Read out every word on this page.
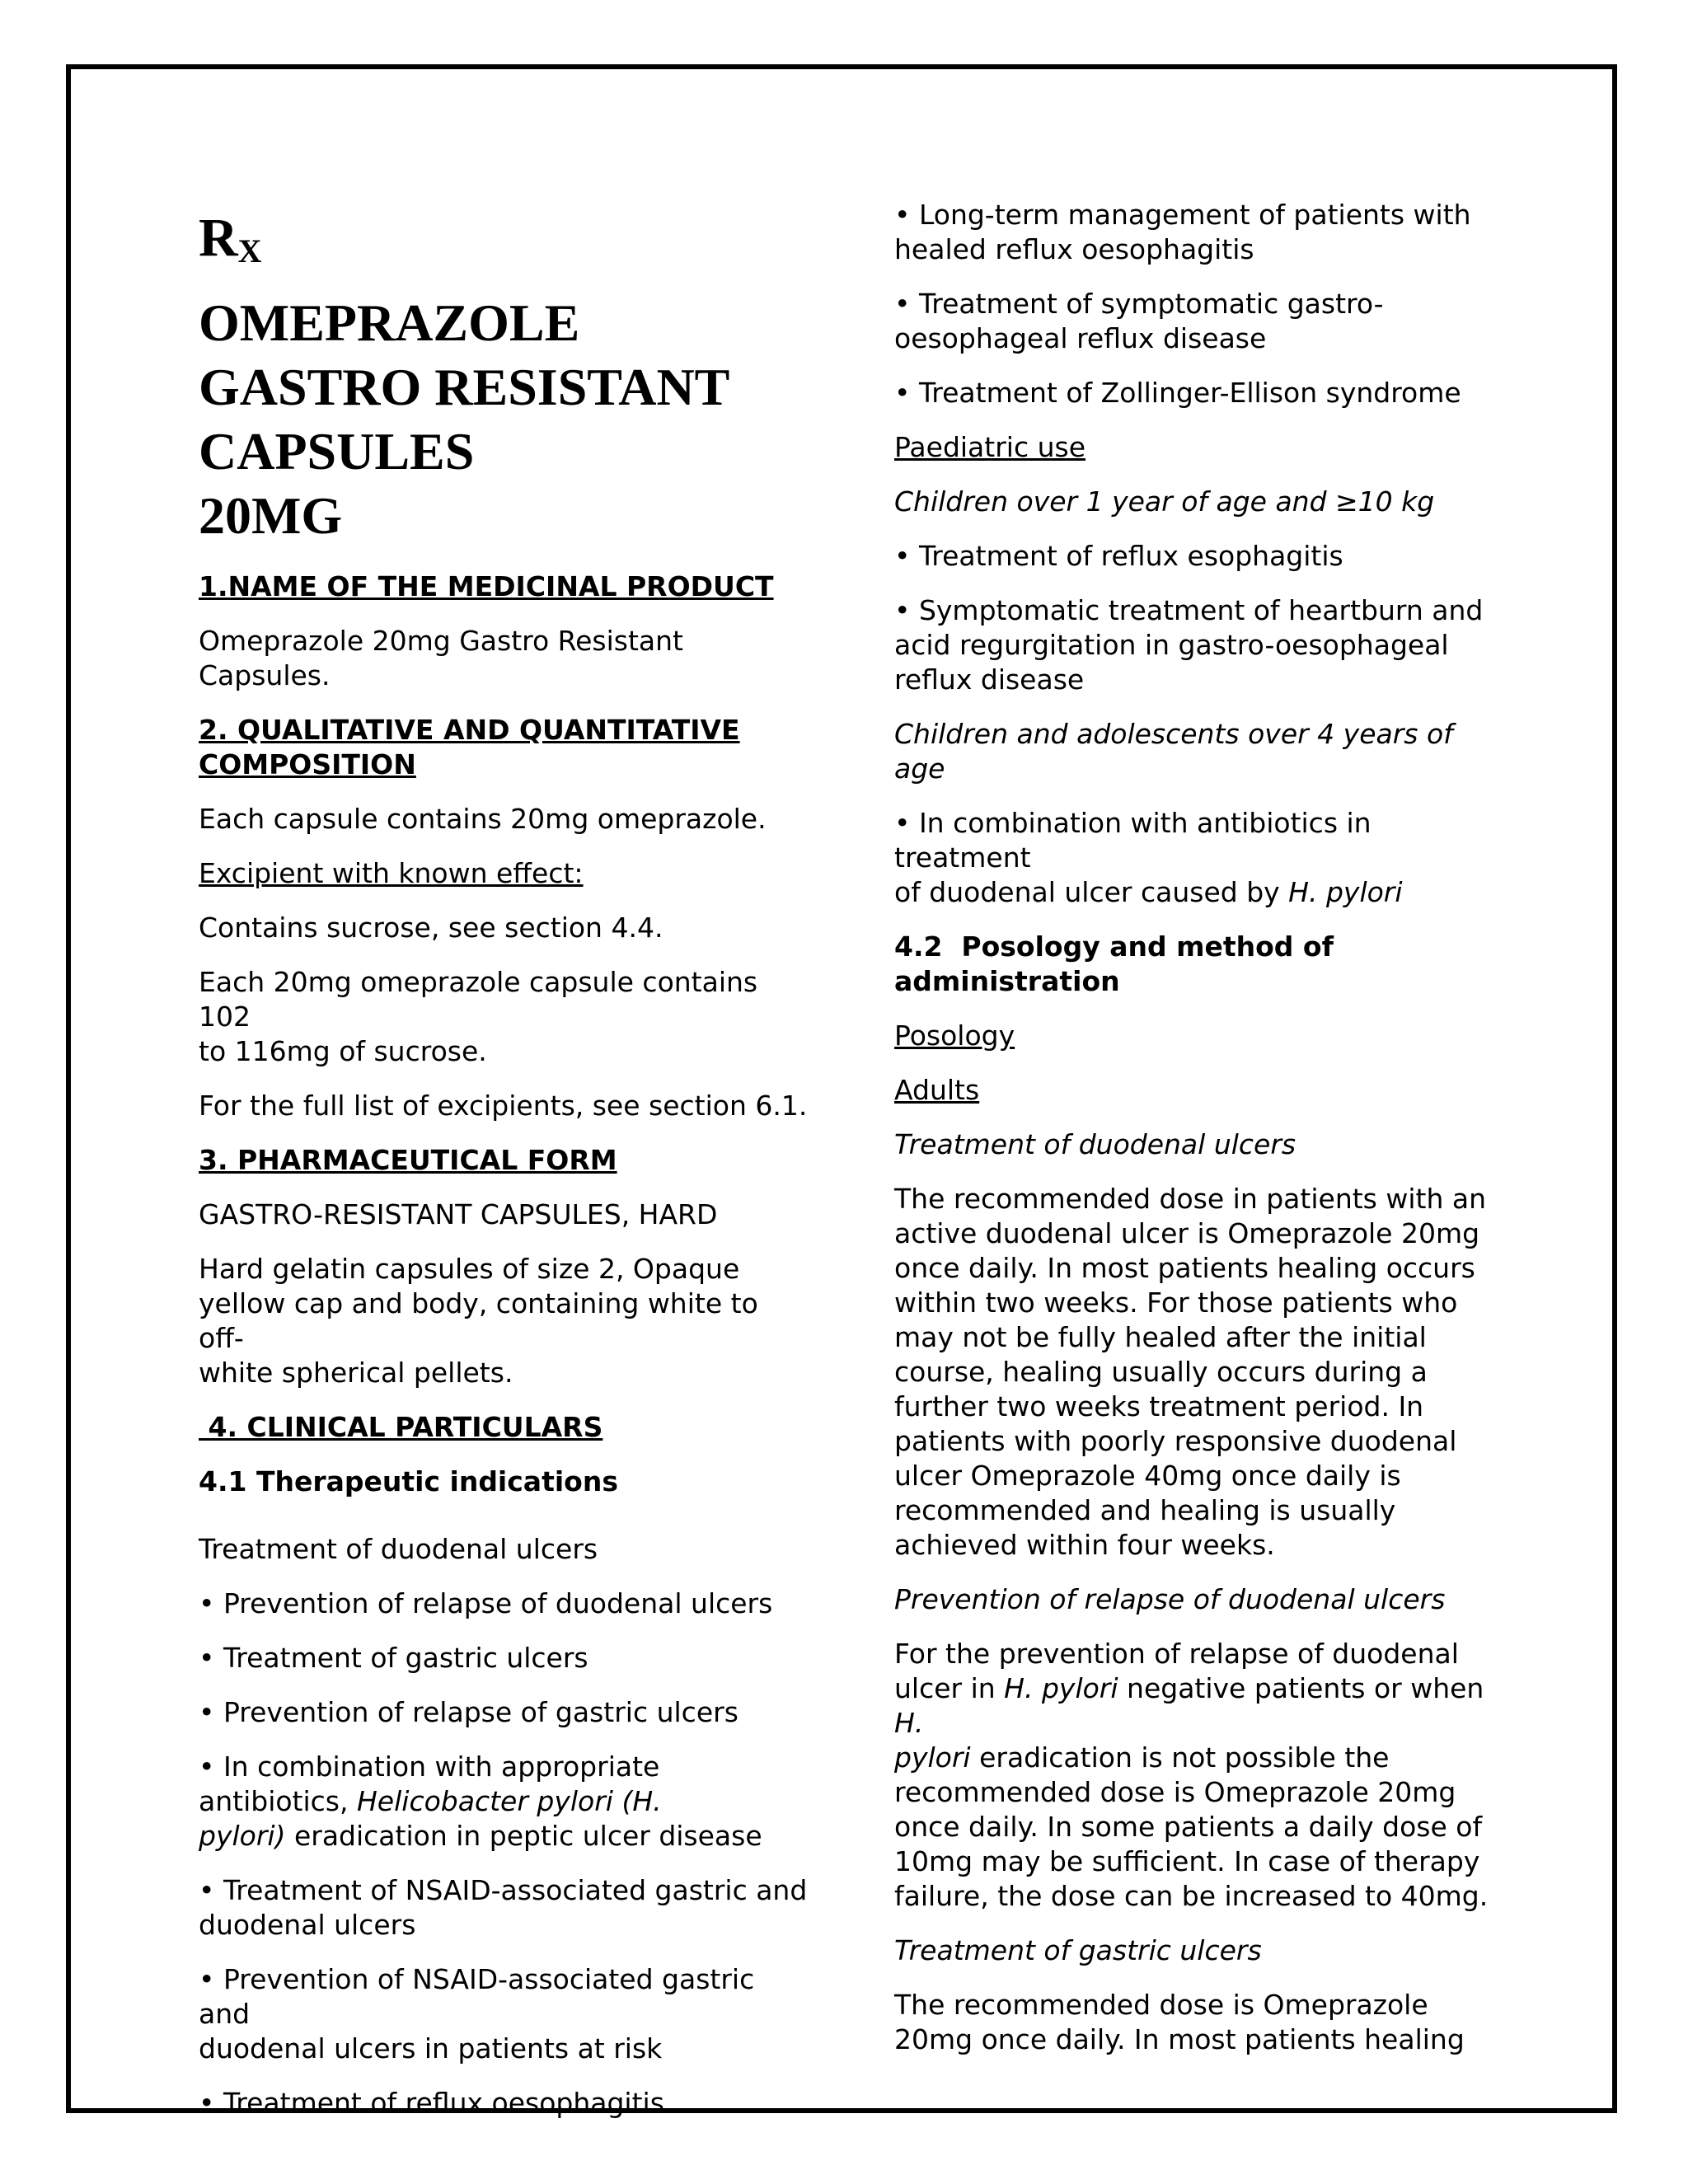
$R_X$
OMEPRAZOLE
GASTRO RESISTANT
CAPSULES
20MG

1.NAME OF THE MEDICINAL PRODUCT

Omeprazole 20mg Gastro Resistant Capsules.

2. QUALITATIVE AND QUANTITATIVE

COMPOSITION

Each capsule contains 20mg omeprazole.

Excipient with known effect:

Contains sucrose, see section 4.4.

Each 20mg omeprazole capsule contains 102

to 116mg of sucrose.

For the full list of excipients, see section 6.1.

3. PHARMACEUTICAL FORM

GASTRO-RESISTANT CAPSULES, HARD

Hard gelatin capsules of size 2, Opaque

yellow cap and body, containing white to off-

white spherical pellets.

4. CLINICAL PARTICULARS

4.1 Therapeutic indications

Treatment of duodenal ulcers

• Prevention of relapse of duodenal ulcers

• Treatment of gastric ulcers

• Prevention of relapse of gastric ulcers

• In combination with appropriate

antibiotics, Helicobacter pylori (H.

pylori) eradication in peptic ulcer disease

• Treatment of NSAID-associated gastric and

duodenal ulcers

• Prevention of NSAID-associated gastric and

duodenal ulcers in patients at risk

• Treatment of reflux oesophagitis

• Long-term management of patients with

healed reflux oesophagitis

• Treatment of symptomatic gastro-

oesophageal reflux disease

• Treatment of Zollinger-Ellison syndrome

Paediatric use

Children over 1 year of age and ≥10 kg

• Treatment of reflux esophagitis

• Symptomatic treatment of heartburn and

acid regurgitation in gastro-oesophageal

reflux disease

Children and adolescents over 4 years of age

• In combination with antibiotics in treatment

of duodenal ulcer caused by H. pylori

4.2  Posology and method of

administration

Posology

Adults

Treatment of duodenal ulcers

The recommended dose in patients with an

active duodenal ulcer is Omeprazole 20mg

once daily. In most patients healing occurs

within two weeks. For those patients who

may not be fully healed after the initial

course, healing usually occurs during a

further two weeks treatment period. In

patients with poorly responsive duodenal

ulcer Omeprazole 40mg once daily is

recommended and healing is usually

achieved within four weeks.

Prevention of relapse of duodenal ulcers

For the prevention of relapse of duodenal

ulcer in H. pylori negative patients or when H.

pylori eradication is not possible the

recommended dose is Omeprazole 20mg

once daily. In some patients a daily dose of

10mg may be sufficient. In case of therapy

failure, the dose can be increased to 40mg.

Treatment of gastric ulcers

The recommended dose is Omeprazole

20mg once daily. In most patients healing
